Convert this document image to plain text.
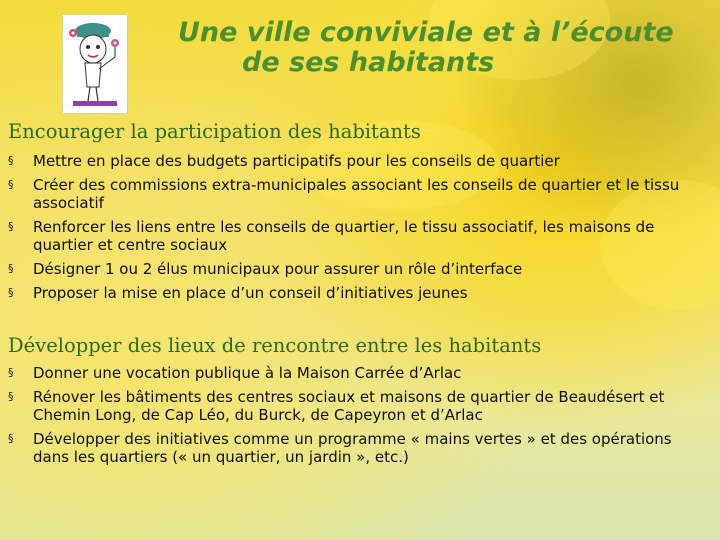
Une ville conviviale et à l’écoute
de ses habitants
Encourager la participation des habitants
§ Mettre en place des budgets participatifs pour les conseils de quartier
§ Créer des commissions extra-municipales associant les conseils de quartier et le tissu associatif
§ Renforcer les liens entre les conseils de quartier, le tissu associatif, les maisons de quartier et centre sociaux
§ Désigner 1 ou 2 élus municipaux pour assurer un rôle d’interface
§ Proposer la mise en place d’un conseil d’initiatives jeunes
Développer des lieux de rencontre entre les habitants
§ Donner une vocation publique à la Maison Carrée d’Arlac
§ Rénover les bâtiments des centres sociaux et maisons de quartier de Beaudésert et Chemin Long, de Cap Léo, du Burck, de Capeyron et d’Arlac
§ Développer des initiatives comme un programme « mains vertes » et des opérations dans les quartiers (« un quartier, un jardin », etc.)
